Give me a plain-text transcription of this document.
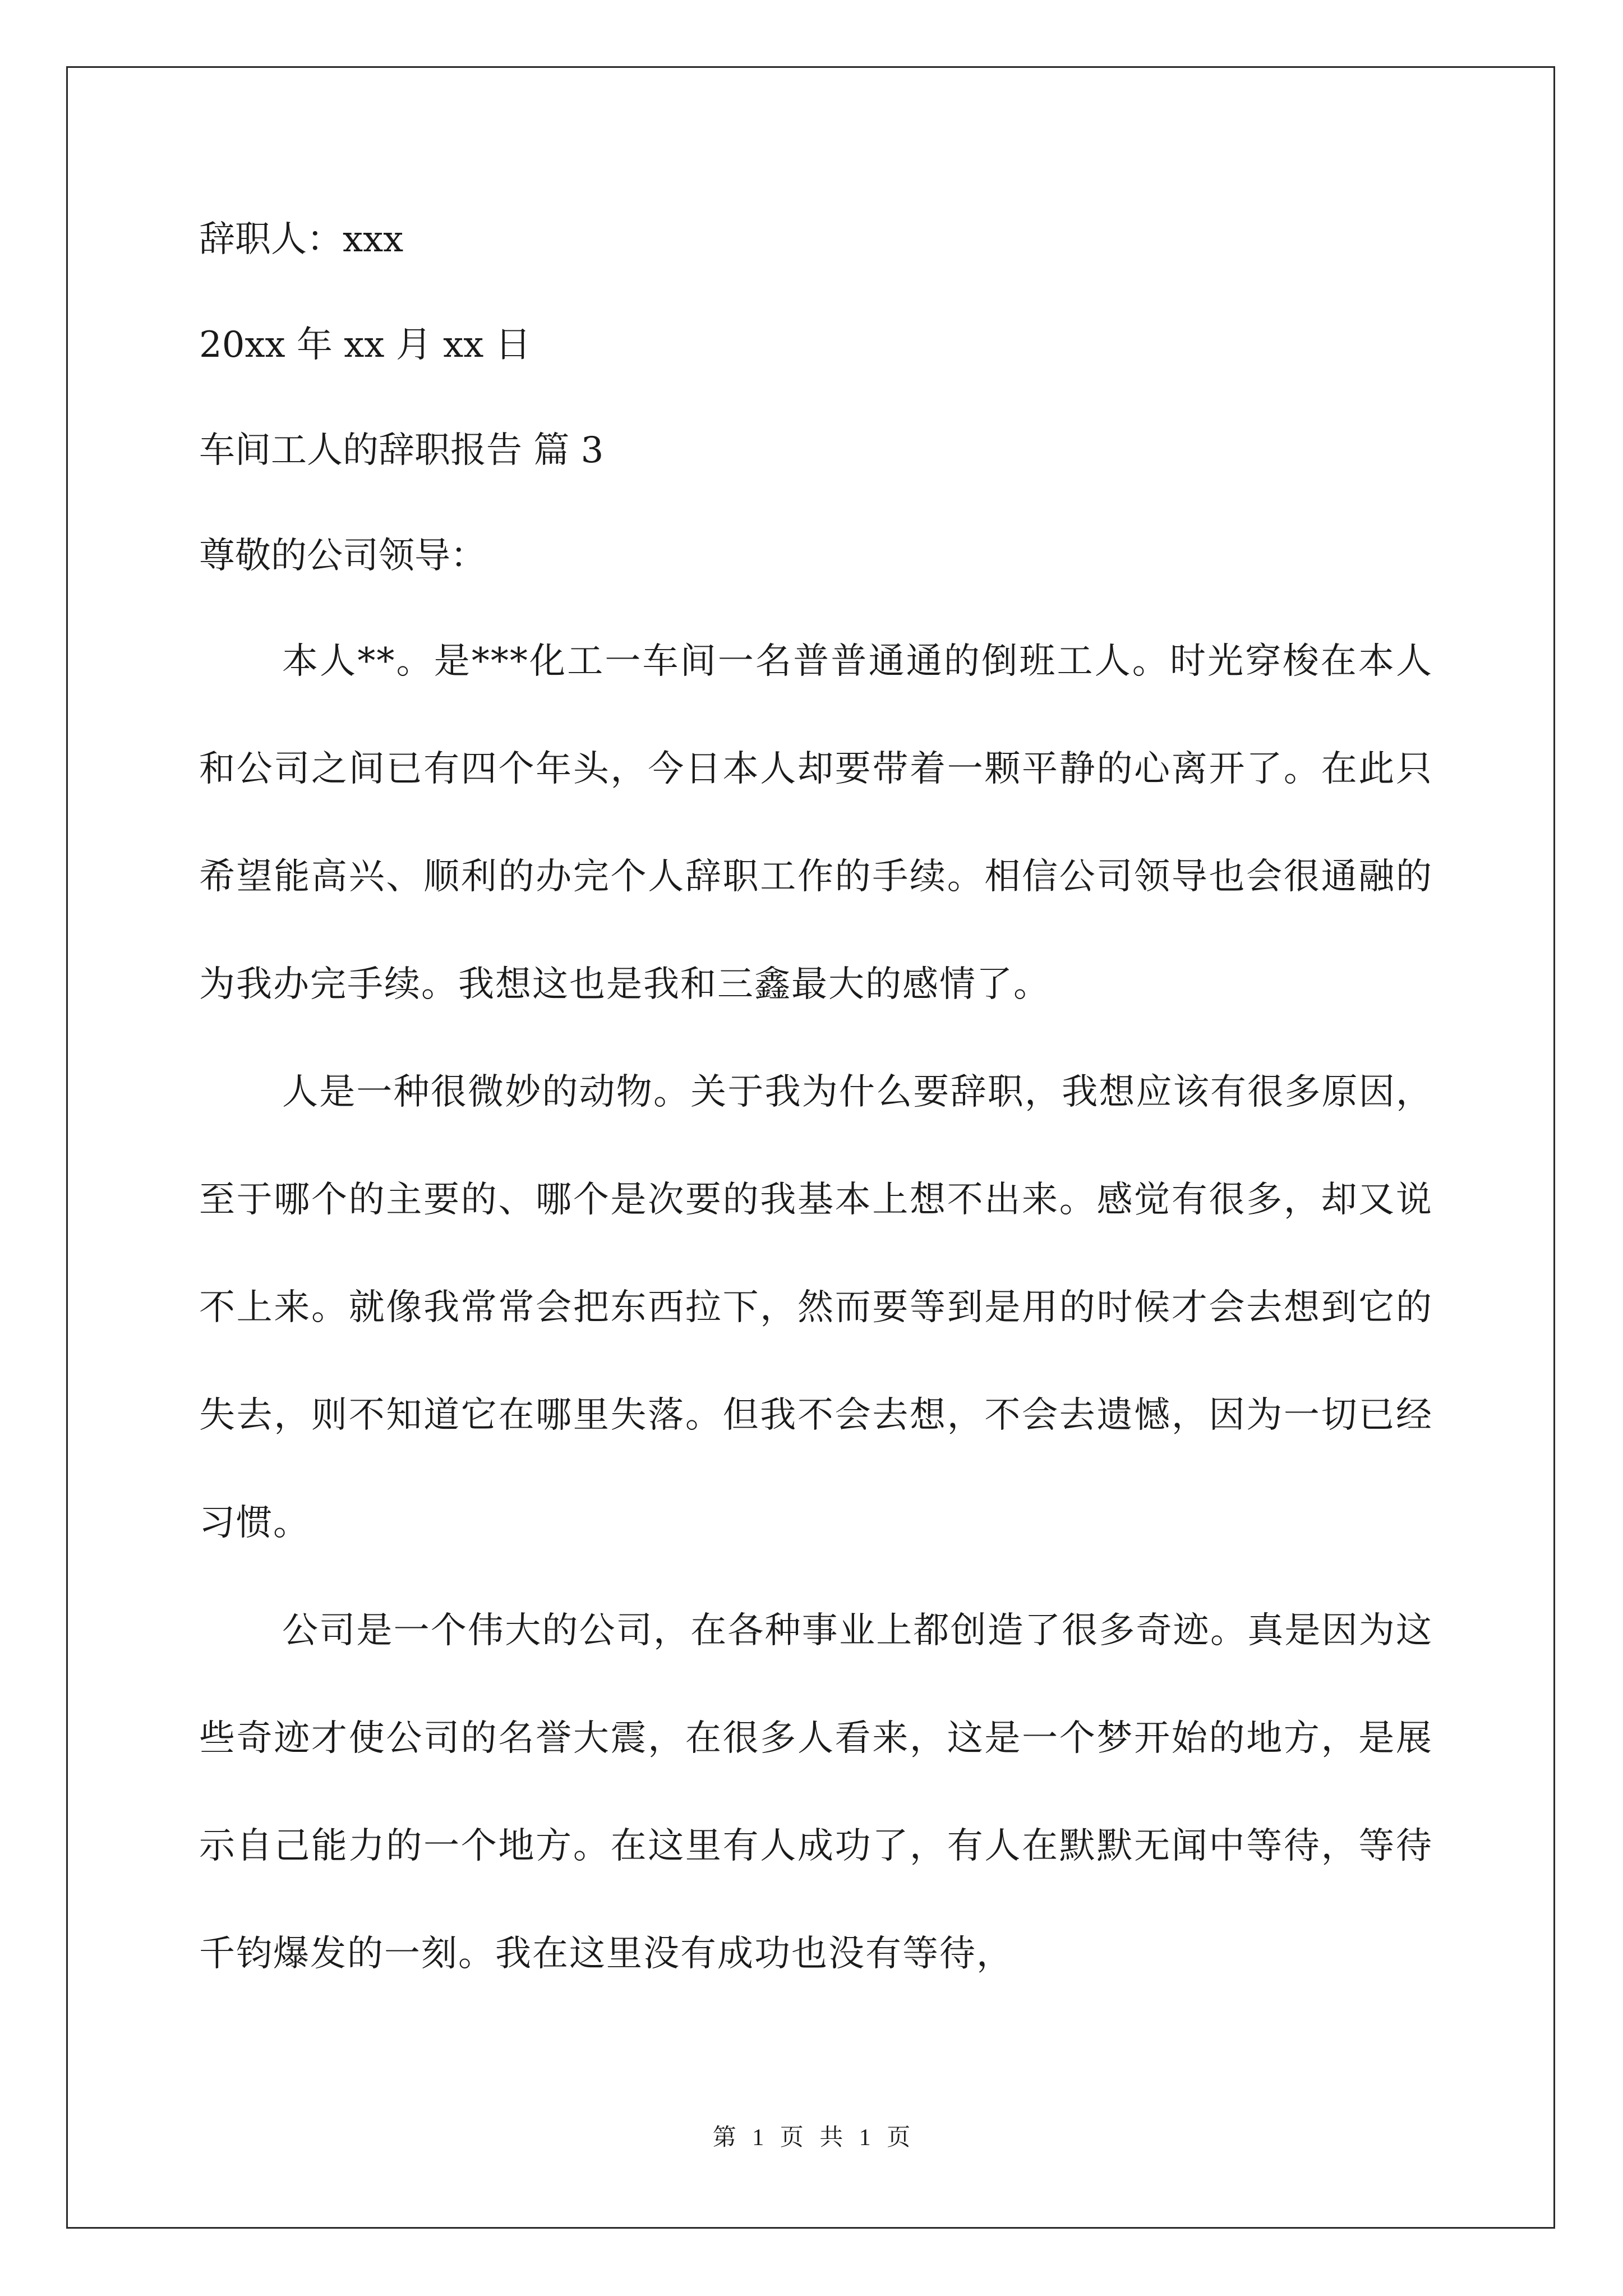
辞职人：xxx

20xx 年 xx 月 xx 日

车间工人的辞职报告 篇 3

尊敬的公司领导：

本人**。是***化工一车间一名普普通通的倒班工人。时光穿梭在本人和公司之间已有四个年头，今日本人却要带着一颗平静的心离开了。在此只希望能高兴、顺利的办完个人辞职工作的手续。相信公司领导也会很通融的为我办完手续。我想这也是我和三鑫最大的感情了。

人是一种很微妙的动物。关于我为什么要辞职，我想应该有很多原因，至于哪个的主要的、哪个是次要的我基本上想不出来。感觉有很多，却又说不上来。就像我常常会把东西拉下，然而要等到是用的时候才会去想到它的失去，则不知道它在哪里失落。但我不会去想，不会去遗憾，因为一切已经习惯。

公司是一个伟大的公司，在各种事业上都创造了很多奇迹。真是因为这些奇迹才使公司的名誉大震，在很多人看来，这是一个梦开始的地方，是展示自己能力的一个地方。在这里有人成功了，有人在默默无闻中等待，等待千钧爆发的一刻。我在这里没有成功也没有等待，

第 1 页 共 1 页
